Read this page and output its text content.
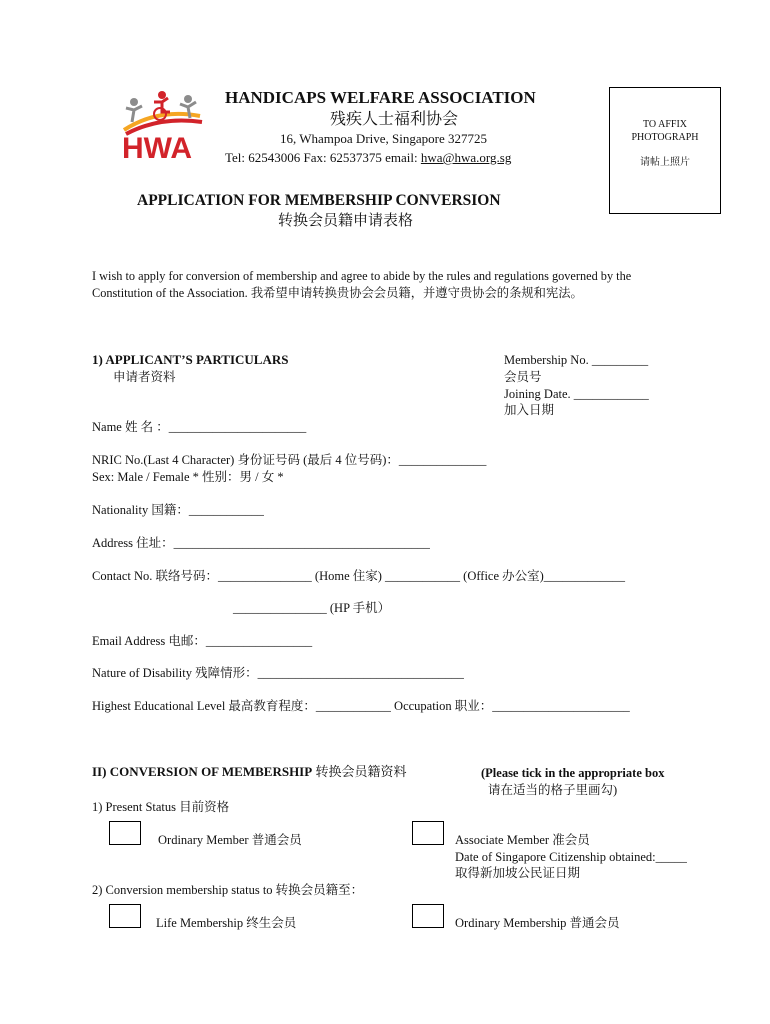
HWA
HANDICAPS WELFARE ASSOCIATION
残疾人士福利协会
16, Whampoa Drive, Singapore 327725
Tel: 62543006 Fax: 62537375 email: hwa@hwa.org.sg
TO AFFIX
PHOTOGRAPH
请帖上照片
APPLICATION FOR MEMBERSHIP CONVERSION
转换会员籍申请表格
I wish to apply for conversion of membership and agree to abide by the rules and regulations governed by the
Constitution of the Association. 我希望申请转换贵协会会员籍，并遵守贵协会的条规和宪法。
1) APPLICANT’S PARTICULARS
申请者资料
Membership No. _________
会员号
Joining Date. ____________
加入日期
Name 姓 名 ：______________________
NRIC No.(Last 4 Character) 身份证号码 (最后 4 位号码)：______________
Sex: Male / Female * 性别：男 / 女 *
Nationality 国籍：____________
Address 住址：_________________________________________
Contact No. 联络号码：_______________ (Home 住家) ____________ (Office 办公室)_____________
_______________ (HP 手机）
Email Address 电邮：_________________
Nature of Disability 残障情形：_________________________________
Highest Educational Level 最高教育程度：____________ Occupation 职业：______________________
II) CONVERSION OF MEMBERSHIP 转换会员籍资料	(Please tick in the appropriate box
请在适当的格子里画勾)
1) Present Status 目前资格
Ordinary Member 普通会员	Associate Member 准会员
Date of Singapore Citizenship obtained:_____
取得新加坡公民证日期
2) Conversion membership status to 转换会员籍至：
Life Membership 终生会员	Ordinary Membership 普通会员
